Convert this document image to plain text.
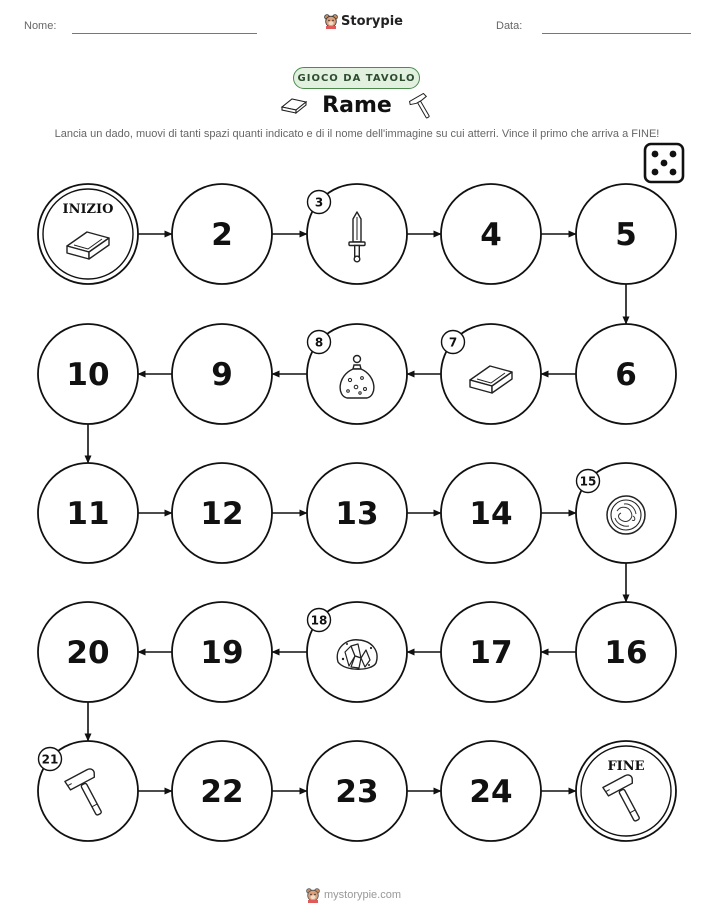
Nome:	Storypie	Data:
GIOCO DA TAVOLO
Rame
Lancia un dado, muovi di tanti spazi quanti indicato e di il nome dell'immagine su cui atterri. Vince il primo che arriva a FINE!
INIZIO
2
3
4	5
6
7
8
9
10
11	12	13	14
15
16
17
18
19
20
21
22	23	24
FINE
mystorypie.com
